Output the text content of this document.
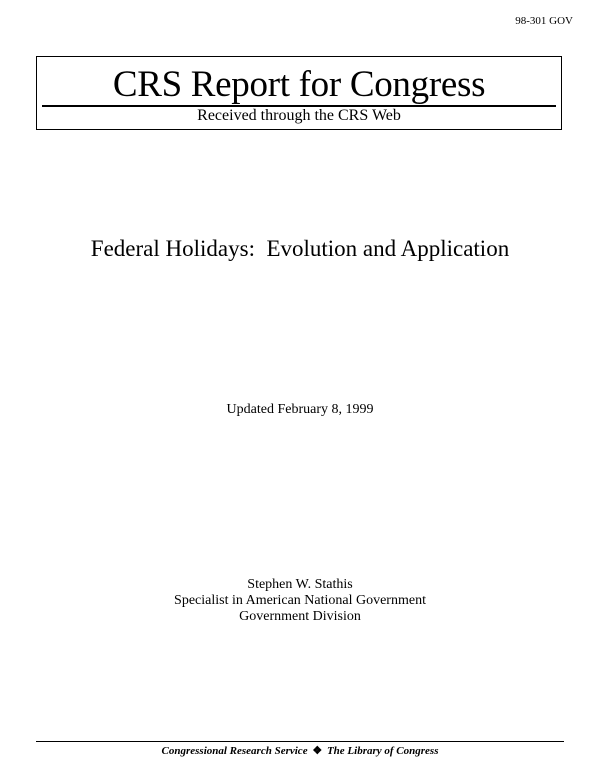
98-301 GOV
CRS Report for Congress
Received through the CRS Web
Federal Holidays:  Evolution and Application
Updated February 8, 1999
Stephen W. Stathis
Specialist in American National Government
Government Division
Congressional Research Service ❖ The Library of Congress
